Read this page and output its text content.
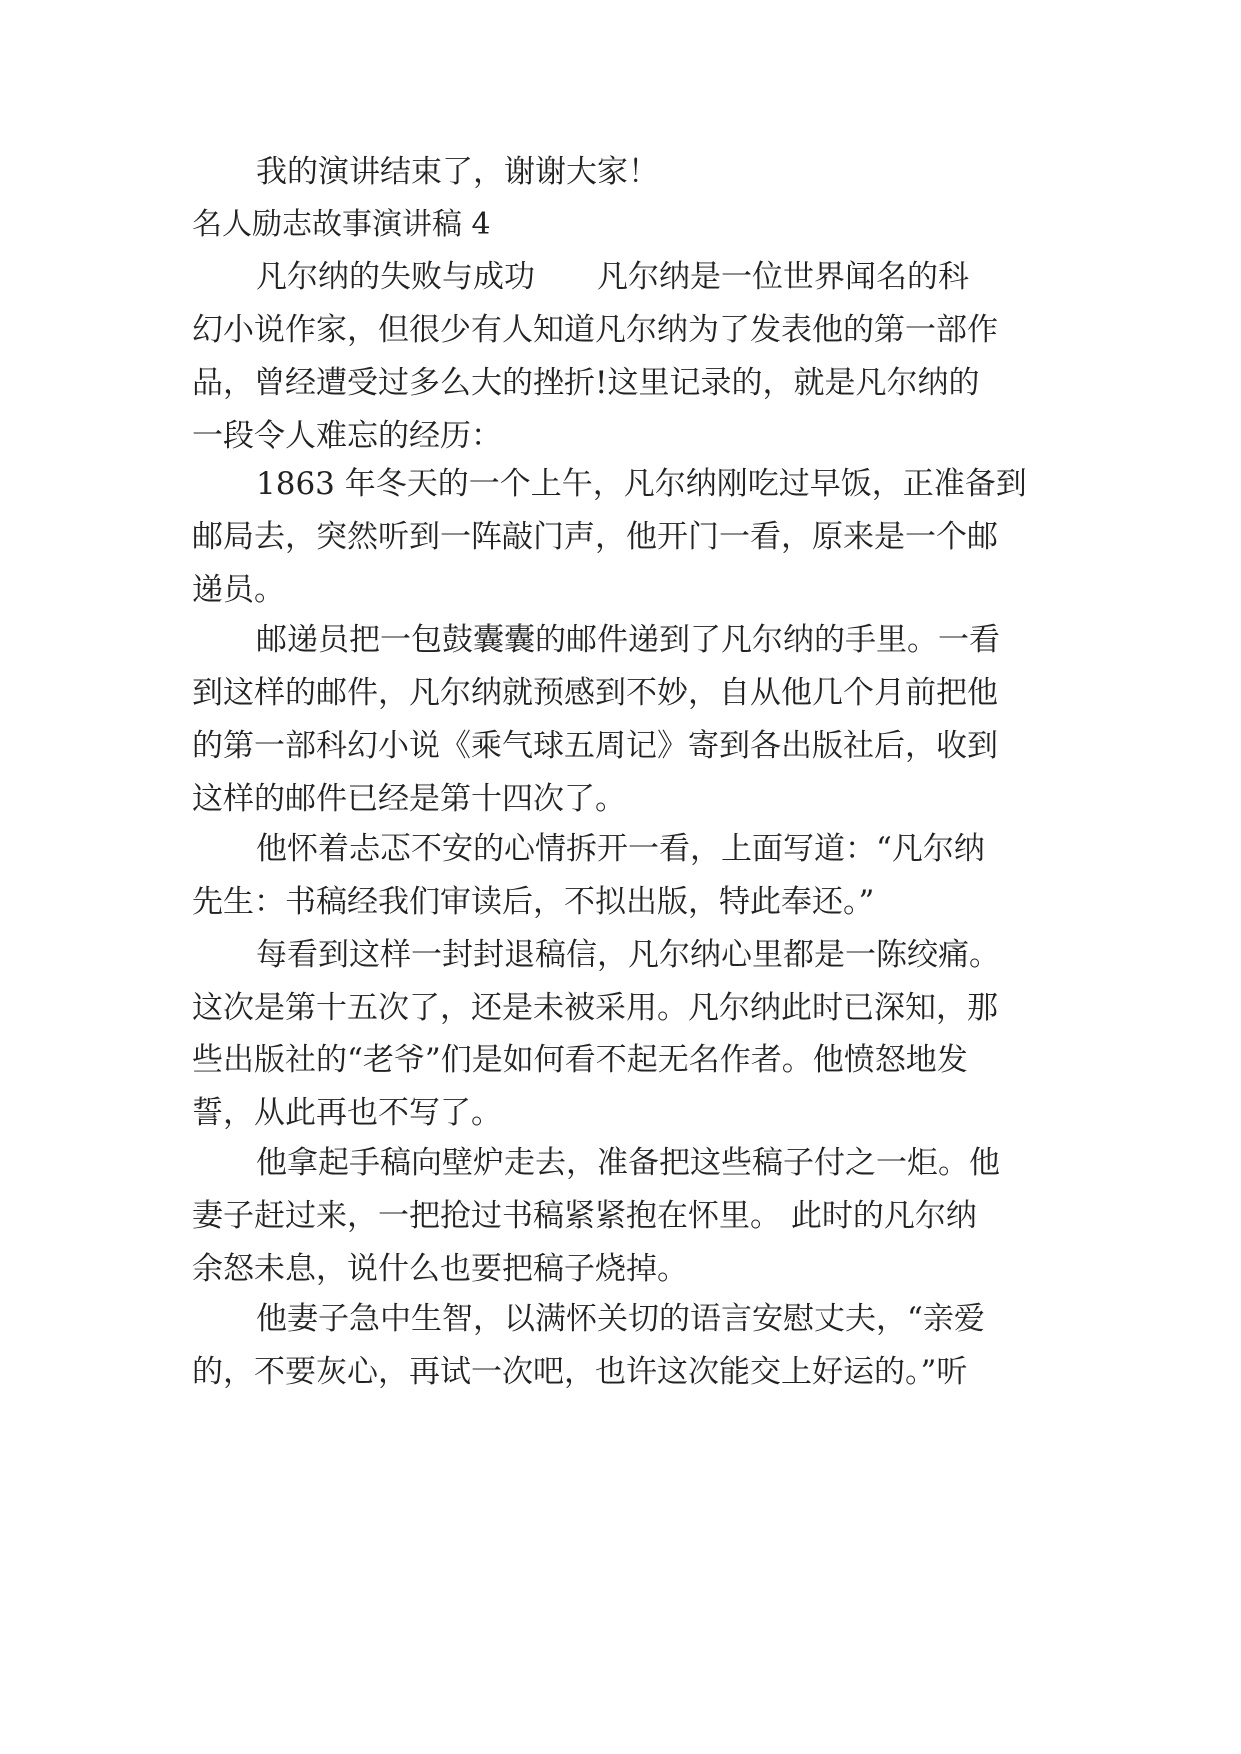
我的演讲结束了，谢谢大家！
名人励志故事演讲稿 4
凡尔纳的失败与成功　　凡尔纳是一位世界闻名的科
幻小说作家，但很少有人知道凡尔纳为了发表他的第一部作
品，曾经遭受过多么大的挫折!这里记录的，就是凡尔纳的
一段令人难忘的经历：
1863 年冬天的一个上午，凡尔纳刚吃过早饭，正准备到
邮局去，突然听到一阵敲门声，他开门一看，原来是一个邮
递员。
邮递员把一包鼓囊囊的邮件递到了凡尔纳的手里。一看
到这样的邮件，凡尔纳就预感到不妙，自从他几个月前把他
的第一部科幻小说《乘气球五周记》寄到各出版社后，收到
这样的邮件已经是第十四次了。
他怀着忐忑不安的心情拆开一看，上面写道：“凡尔纳
先生：书稿经我们审读后，不拟出版，特此奉还。”
每看到这样一封封退稿信，凡尔纳心里都是一陈绞痛。
这次是第十五次了，还是未被采用。凡尔纳此时已深知，那
些出版社的“老爷”们是如何看不起无名作者。他愤怒地发
誓，从此再也不写了。
他拿起手稿向壁炉走去，准备把这些稿子付之一炬。他
妻子赶过来，一把抢过书稿紧紧抱在怀里。 此时的凡尔纳
余怒未息，说什么也要把稿子烧掉。
他妻子急中生智，以满怀关切的语言安慰丈夫，“亲爱
的，不要灰心，再试一次吧，也许这次能交上好运的。”听
